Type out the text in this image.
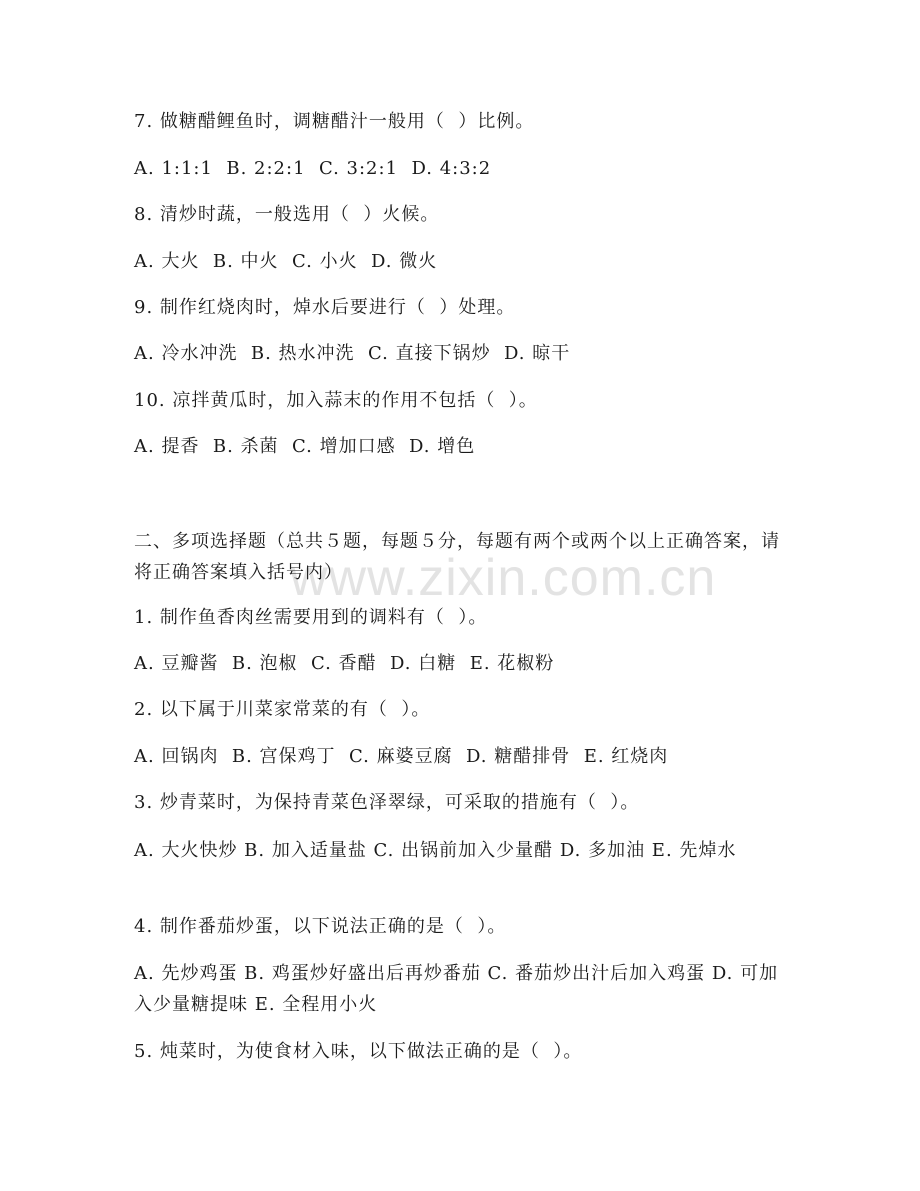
www.zixin.com.cn
7. 做糖醋鲤鱼时，调糖醋汁一般用（  ）比例。
A. 1:1:1  B. 2:2:1  C. 3:2:1  D. 4:3:2
8. 清炒时蔬，一般选用（  ）火候。
A. 大火  B. 中火  C. 小火  D. 微火
9. 制作红烧肉时，焯水后要进行（  ）处理。
A. 冷水冲洗  B. 热水冲洗  C. 直接下锅炒  D. 晾干
10. 凉拌黄瓜时，加入蒜末的作用不包括（  ）。
A. 提香  B. 杀菌  C. 增加口感  D. 增色
二、多项选择题（总共５题，每题５分，每题有两个或两个以上正确答案，请将正确答案填入括号内）
1. 制作鱼香肉丝需要用到的调料有（  ）。
A. 豆瓣酱  B. 泡椒  C. 香醋  D. 白糖  E. 花椒粉
2. 以下属于川菜家常菜的有（  ）。
A. 回锅肉  B. 宫保鸡丁  C. 麻婆豆腐  D. 糖醋排骨  E. 红烧肉
3. 炒青菜时，为保持青菜色泽翠绿，可采取的措施有（  ）。
A. 大火快炒 B. 加入适量盐 C. 出锅前加入少量醋 D. 多加油 E. 先焯水
4. 制作番茄炒蛋，以下说法正确的是（  ）。
A. 先炒鸡蛋 B. 鸡蛋炒好盛出后再炒番茄 C. 番茄炒出汁后加入鸡蛋 D. 可加入少量糖提味 E. 全程用小火
5. 炖菜时，为使食材入味，以下做法正确的是（  ）。
